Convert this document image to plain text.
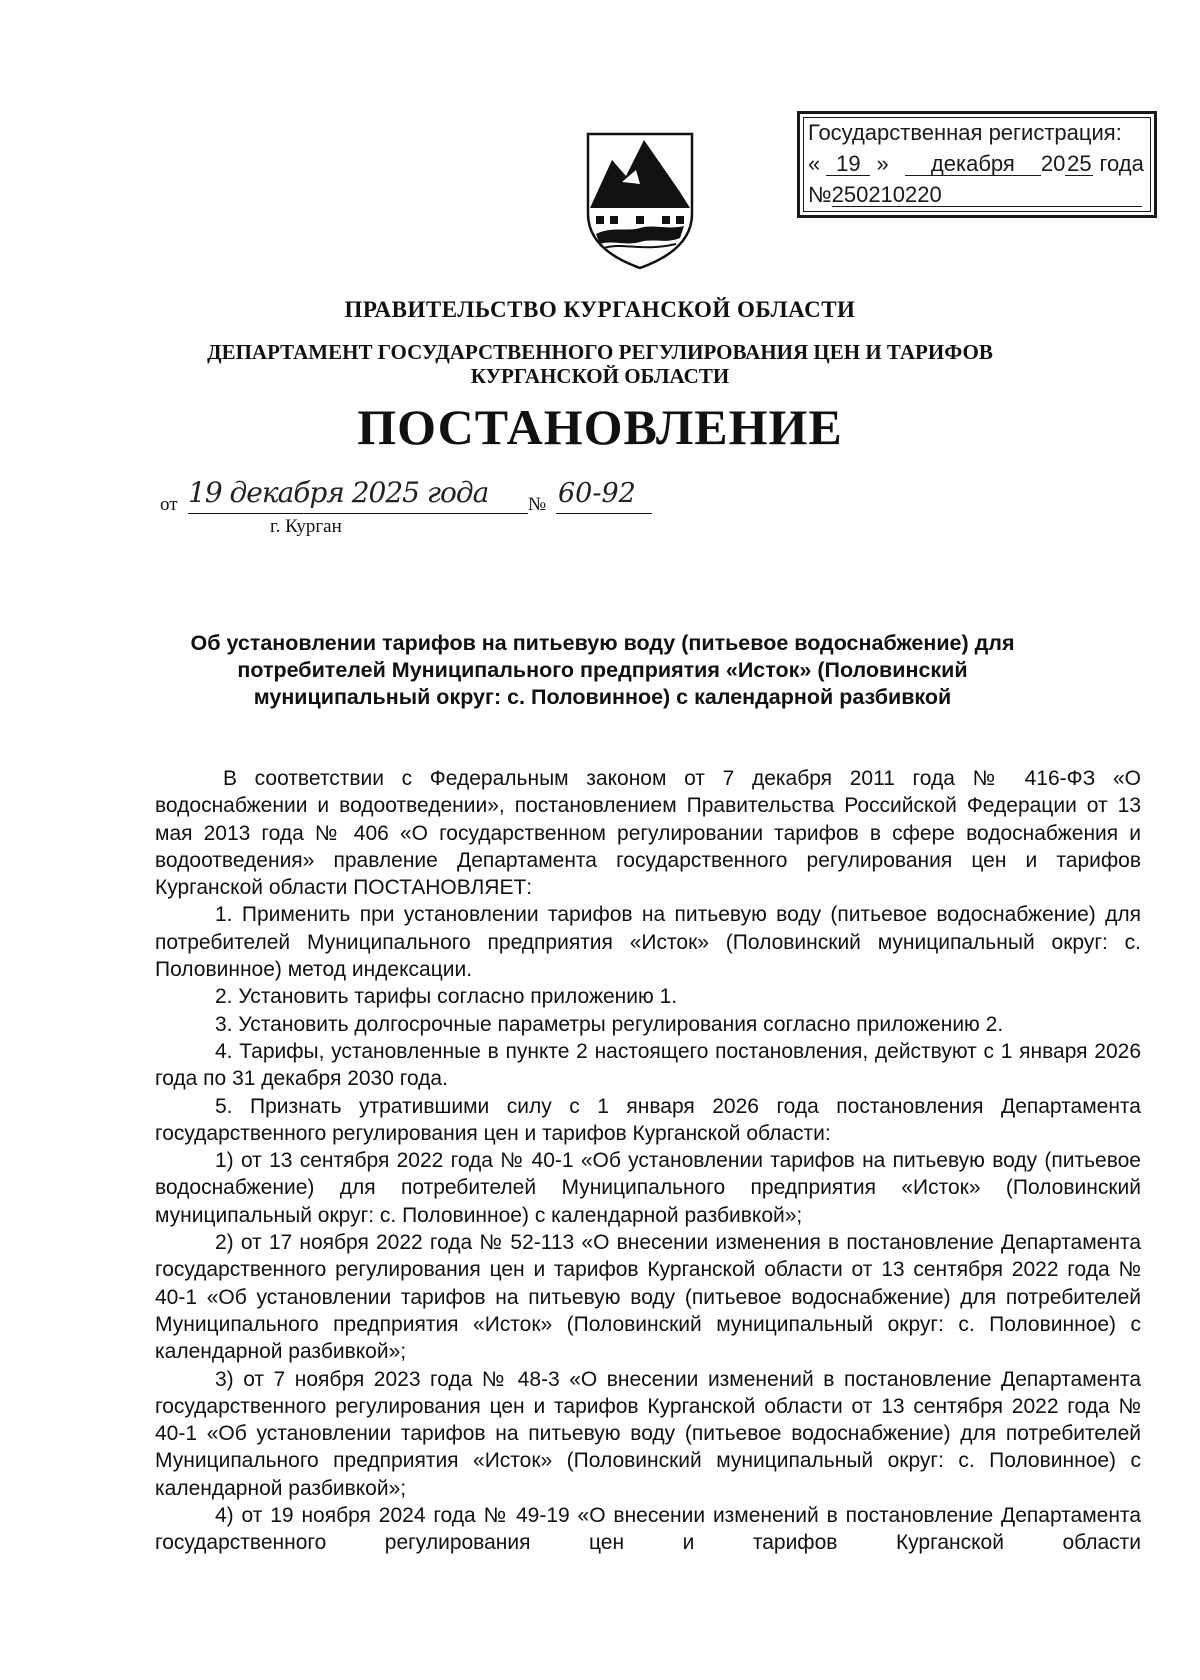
Государственная регистрация:
« 19 » декабря 2025 года
№250210220
ПРАВИТЕЛЬСТВО КУРГАНСКОЙ ОБЛАСТИ
ДЕПАРТАМЕНТ ГОСУДАРСТВЕННОГО РЕГУЛИРОВАНИЯ ЦЕН И ТАРИФОВ
КУРГАНСКОЙ ОБЛАСТИ
ПОСТАНОВЛЕНИЕ
от 19 декабря 2025 года	№ 60-92
г. Курган
Об установлении тарифов на питьевую воду (питьевое водоснабжение) для
потребителей Муниципального предприятия «Исток» (Половинский
муниципальный округ: с. Половинное) с календарной разбивкой

В соответствии с Федеральным законом от 7 декабря 2011 года № 416-ФЗ «О водоснабжении и водоотведении», постановлением Правительства Российской Федерации от 13 мая 2013 года № 406 «О государственном регулировании тарифов в сфере водоснабжения и водоотведения» правление Департамента государственного регулирования цен и тарифов Курганской области ПОСТАНОВЛЯЕТ:

1. Применить при установлении тарифов на питьевую воду (питьевое водоснабжение) для потребителей Муниципального предприятия «Исток» (Половинский муниципальный округ: с. Половинное) метод индексации.

2. Установить тарифы согласно приложению 1.

3. Установить долгосрочные параметры регулирования согласно приложению 2.

4. Тарифы, установленные в пункте 2 настоящего постановления, действуют с 1 января 2026 года по 31 декабря 2030 года.

5. Признать утратившими силу с 1 января 2026 года постановления Департамента государственного регулирования цен и тарифов Курганской области:

1) от 13 сентября 2022 года № 40-1 «Об установлении тарифов на питьевую воду (питьевое водоснабжение) для потребителей Муниципального предприятия «Исток» (Половинский муниципальный округ: с. Половинное) с календарной разбивкой»;

2) от 17 ноября 2022 года № 52-113 «О внесении изменения в постановление Департамента государственного регулирования цен и тарифов Курганской области от 13 сентября 2022 года № 40-1 «Об установлении тарифов на питьевую воду (питьевое водоснабжение) для потребителей Муниципального предприятия «Исток» (Половинский муниципальный округ: с. Половинное) с календарной разбивкой»;

3) от 7 ноября 2023 года № 48-3 «О внесении изменений в постановление Департамента государственного регулирования цен и тарифов Курганской области от 13 сентября 2022 года № 40-1 «Об установлении тарифов на питьевую воду (питьевое водоснабжение) для потребителей Муниципального предприятия «Исток» (Половинский муниципальный округ: с. Половинное) с календарной разбивкой»;

4) от 19 ноября 2024 года № 49-19 «О внесении изменений в постановление Департамента государственного регулирования цен и тарифов Курганской области
